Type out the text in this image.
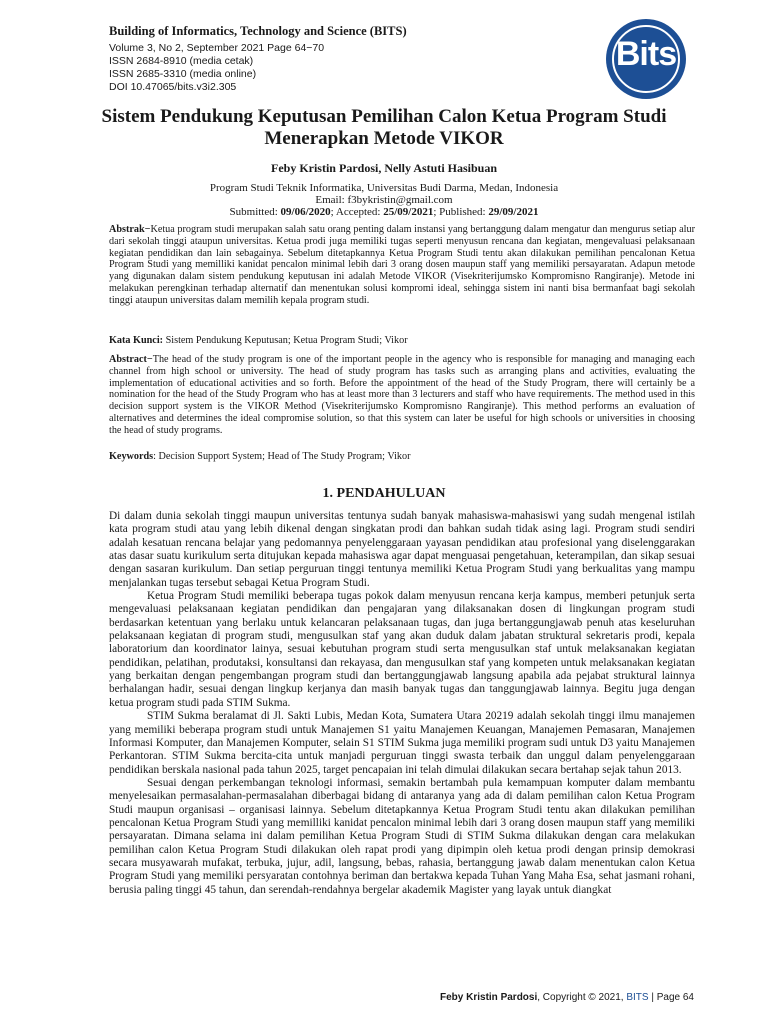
Building of Informatics, Technology and Science (BITS)
Volume 3, No 2, September 2021 Page 64−70
ISSN 2684-8910 (media cetak)
ISSN 2685-3310 (media online)
DOI 10.47065/bits.v3i2.305
Bits
Sistem Pendukung Keputusan Pemilihan Calon Ketua Program Studi Menerapkan Metode VIKOR
Feby Kristin Pardosi, Nelly Astuti Hasibuan
Program Studi Teknik Informatika, Universitas Budi Darma, Medan, Indonesia
Email: f3bykristin@gmail.com
Submitted: 09/06/2020; Accepted: 25/09/2021; Published: 29/09/2021
Abstrak−Ketua program studi merupakan salah satu orang penting dalam instansi yang bertanggung dalam mengatur dan mengurus setiap alur dari sekolah tinggi ataupun universitas. Ketua prodi juga memiliki tugas seperti menyusun rencana dan kegiatan, mengevaluasi pelaksanaan kegiatan pendidikan dan lain sebagainya. Sebelum ditetapkannya Ketua Program Studi tentu akan dilakukan pemilihan pencalonan Ketua Program Studi yang memilliki kanidat pencalon minimal lebih dari 3 orang dosen maupun staff yang memiliki persayaratan. Adapun metode yang digunakan dalam sistem pendukung keputusan ini adalah Metode VIKOR (Visekriterijumsko Kompromisno Rangiranje). Metode ini melakukan perengkinan terhadap alternatif dan menentukan solusi kompromi ideal, sehingga sistem ini nanti bisa bermanfaat bagi sekolah tinggi ataupun universitas dalam memilih kepala program studi.
Kata Kunci: Sistem Pendukung Keputusan; Ketua Program Studi; Vikor
Abstract−The head of the study program is one of the important people in the agency who is responsible for managing and managing each channel from high school or university. The head of study program has tasks such as arranging plans and activities, evaluating the implementation of educational activities and so forth. Before the appointment of the head of the Study Program, there will certainly be a nomination for the head of the Study Program who has at least more than 3 lecturers and staff who have requirements. The method used in this decision support system is the VIKOR Method (Visekriterijumsko Kompromisno Rangiranje). This method performs an evaluation of alternatives and determines the ideal compromise solution, so that this system can later be useful for high schools or universities in choosing the head of study programs.
Keywords: Decision Support System; Head of The Study Program; Vikor
1. PENDAHULUAN

Di dalam dunia sekolah tinggi maupun universitas tentunya sudah banyak mahasiswa-mahasiswi yang sudah mengenal istilah kata program studi atau yang lebih dikenal dengan singkatan prodi dan bahkan sudah tidak asing lagi. Program studi sendiri adalah kesatuan rencana belajar yang pedomannya penyelenggaraan yayasan pendidikan atau profesional yang diselenggarakan atas dasar suatu kurikulum serta ditujukan kepada mahasiswa agar dapat menguasai pengetahuan, keterampilan, dan sikap sesuai dengan sasaran kurikulum. Dan setiap perguruan tinggi tentunya memiliki Ketua Program Studi yang berkualitas yang mampu menjalankan tugas tersebut sebagai Ketua Program Studi.

Ketua Program Studi memiliki beberapa tugas pokok dalam menyusun rencana kerja kampus, memberi petunjuk serta mengevaluasi pelaksanaan kegiatan pendidikan dan pengajaran yang dilaksanakan dosen di lingkungan program studi berdasarkan ketentuan yang berlaku untuk kelancaran pelaksanaan tugas, dan juga bertanggungjawab penuh atas keseluruhan pelaksanaan kegiatan di program studi, mengusulkan staf yang akan duduk dalam jabatan struktural sekretaris prodi, kepala laboratorium dan koordinator lainya, sesuai kebutuhan program studi serta mengusulkan staf untuk melaksanakan kegiatan pendidikan, pelatihan, produtaksi, konsultansi dan rekayasa, dan mengusulkan staf yang kompeten untuk melaksanakan kegiatan yang berkaitan dengan pengembangan program studi dan bertanggungjawab langsung apabila ada pejabat struktural lainnya berhalangan hadir, sesuai dengan lingkup kerjanya dan masih banyak tugas dan tanggungjawab lainnya. Begitu juga dengan ketua program studi pada STIM Sukma.

STIM Sukma beralamat di Jl. Sakti Lubis, Medan Kota, Sumatera Utara 20219 adalah sekolah tinggi ilmu manajemen yang memiliki beberapa program studi untuk Manajemen S1 yaitu Manajemen Keuangan, Manajemen Pemasaran, Manajemen Informasi Komputer, dan Manajemen Komputer, selain S1 STIM Sukma juga memiliki program sudi untuk D3 yaitu Manajemen Perkantoran. STIM Sukma bercita-cita untuk manjadi perguruan tinggi swasta terbaik dan unggul dalam penyelenggaraan pendidikan berskala nasional pada tahun 2025, target pencapaian ini telah dimulai dilakukan secara bertahap sejak tahun 2013.

Sesuai dengan perkembangan teknologi informasi, semakin bertambah pula kemampuan komputer dalam membantu menyelesaikan permasalahan-permasalahan diberbagai bidang di antaranya yang ada di dalam pemilihan calon Ketua Program Studi maupun organisasi – organisasi lainnya. Sebelum ditetapkannya Ketua Program Studi tentu akan dilakukan pemilihan pencalonan Ketua Program Studi yang memilliki kanidat pencalon minimal lebih dari 3 orang dosen maupun staff yang memiliki persayaratan. Dimana selama ini dalam pemilihan Ketua Program Studi di STIM Sukma dilakukan dengan cara melakukan pemilihan calon Ketua Program Studi dilakukan oleh rapat prodi yang dipimpin oleh ketua prodi dengan prinsip demokrasi secara musyawarah mufakat, terbuka, jujur, adil, langsung, bebas, rahasia, bertanggung jawab dalam menentukan calon Ketua Program Studi yang memiliki persyaratan contohnya beriman dan bertakwa kepada Tuhan Yang Maha Esa, sehat jasmani rohani, berusia paling tinggi 45 tahun, dan serendah-rendahnya bergelar akademik Magister yang layak untuk diangkat

Feby Kristin Pardosi, Copyright © 2021, BITS | Page 64
